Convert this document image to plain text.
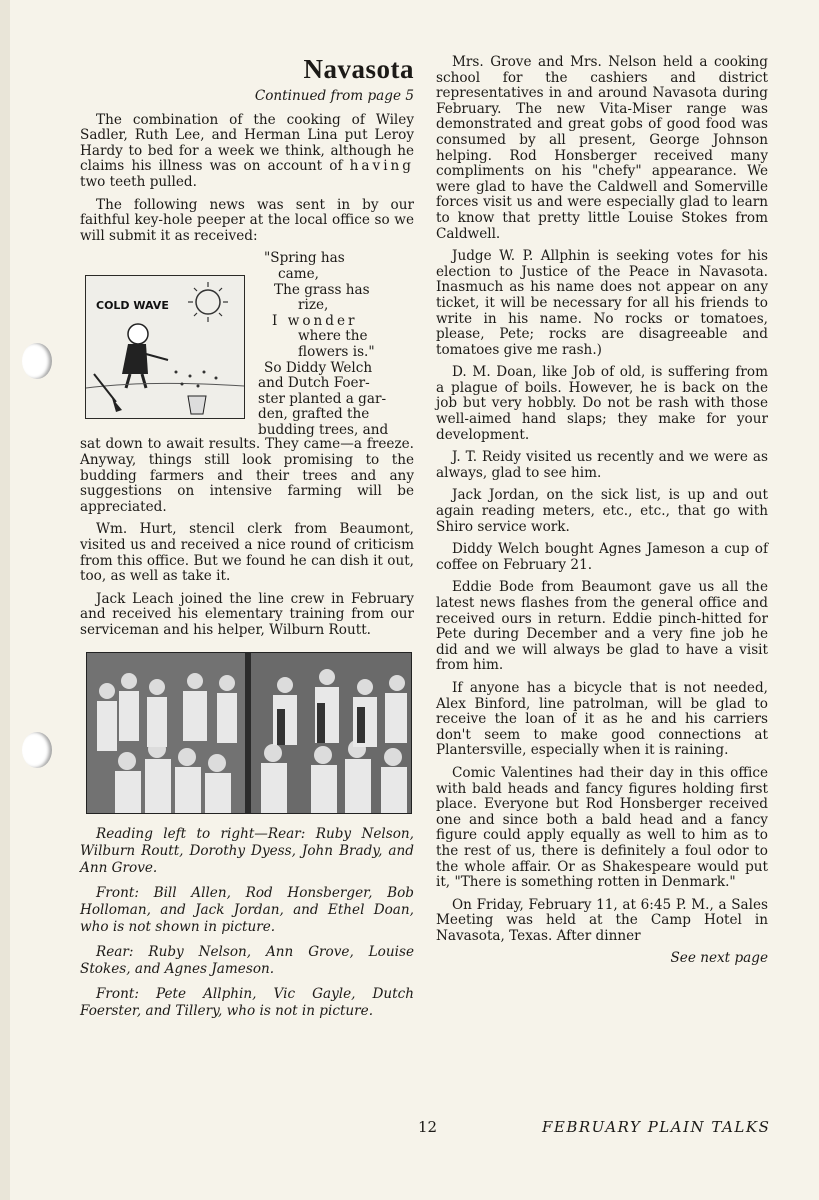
Navasota
Continued from page 5

The combination of the cooking of Wiley Sadler, Ruth Lee, and Herman Lina put Leroy Hardy to bed for a week we think, although he claims his illness was on account of having two teeth pulled.

The following news was sent in by our faithful key-hole peeper at the local office so we will submit it as received:

COLD WAVE
"Spring has
came,
The grass has
rize,
I wonder
where the
flowers is."
So Diddy Welch
and Dutch Foer-
ster planted a gar-
den, grafted the
budding trees, and

sat down to await results. They came—a freeze. Anyway, things still look promising to the budding farmers and their trees and any suggestions on intensive farming will be appreciated.

Wm. Hurt, stencil clerk from Beaumont, visited us and received a nice round of criticism from this office. But we found he can dish it out, too, as well as take it.

Jack Leach joined the line crew in February and received his elementary training from our serviceman and his helper, Wilburn Routt.

Reading left to right—Rear: Ruby Nelson, Wilburn Routt, Dorothy Dyess, John Brady, and Ann Grove.

Front: Bill Allen, Rod Honsberger, Bob Holloman, and Jack Jordan, and Ethel Doan, who is not shown in picture.

Rear: Ruby Nelson, Ann Grove, Louise Stokes, and Agnes Jameson.

Front: Pete Allphin, Vic Gayle, Dutch Foerster, and Tillery, who is not in picture.

Mrs. Grove and Mrs. Nelson held a cooking school for the cashiers and district representatives in and around Navasota during February. The new Vita-Miser range was demonstrated and great gobs of good food was consumed by all present, George Johnson helping. Rod Honsberger received many compliments on his "chefy" appearance. We were glad to have the Caldwell and Somerville forces visit us and were especially glad to learn to know that pretty little Louise Stokes from Caldwell.

Judge W. P. Allphin is seeking votes for his election to Justice of the Peace in Navasota. Inasmuch as his name does not appear on any ticket, it will be necessary for all his friends to write in his name. No rocks or tomatoes, please, Pete; rocks are disagreeable and tomatoes give me rash.)

D. M. Doan, like Job of old, is suffering from a plague of boils. However, he is back on the job but very hobbly. Do not be rash with those well-aimed hand slaps; they make for your development.

J. T. Reidy visited us recently and we were as always, glad to see him.

Jack Jordan, on the sick list, is up and out again reading meters, etc., etc., that go with Shiro service work.

Diddy Welch bought Agnes Jameson a cup of coffee on February 21.

Eddie Bode from Beaumont gave us all the latest news flashes from the general office and received ours in return. Eddie pinch-hitted for Pete during December and a very fine job he did and we will always be glad to have a visit from him.

If anyone has a bicycle that is not needed, Alex Binford, line patrolman, will be glad to receive the loan of it as he and his carriers don't seem to make good connections at Plantersville, especially when it is raining.

Comic Valentines had their day in this office with bald heads and fancy figures holding first place. Everyone but Rod Honsberger received one and since both a bald head and a fancy figure could apply equally as well to him as to the rest of us, there is definitely a foul odor to the whole affair. Or as Shakespeare would put it, "There is something rotten in Denmark."

On Friday, February 11, at 6:45 P. M., a Sales Meeting was held at the Camp Hotel in Navasota, Texas. After dinner

See next page

12	FEBRUARY PLAIN TALKS
